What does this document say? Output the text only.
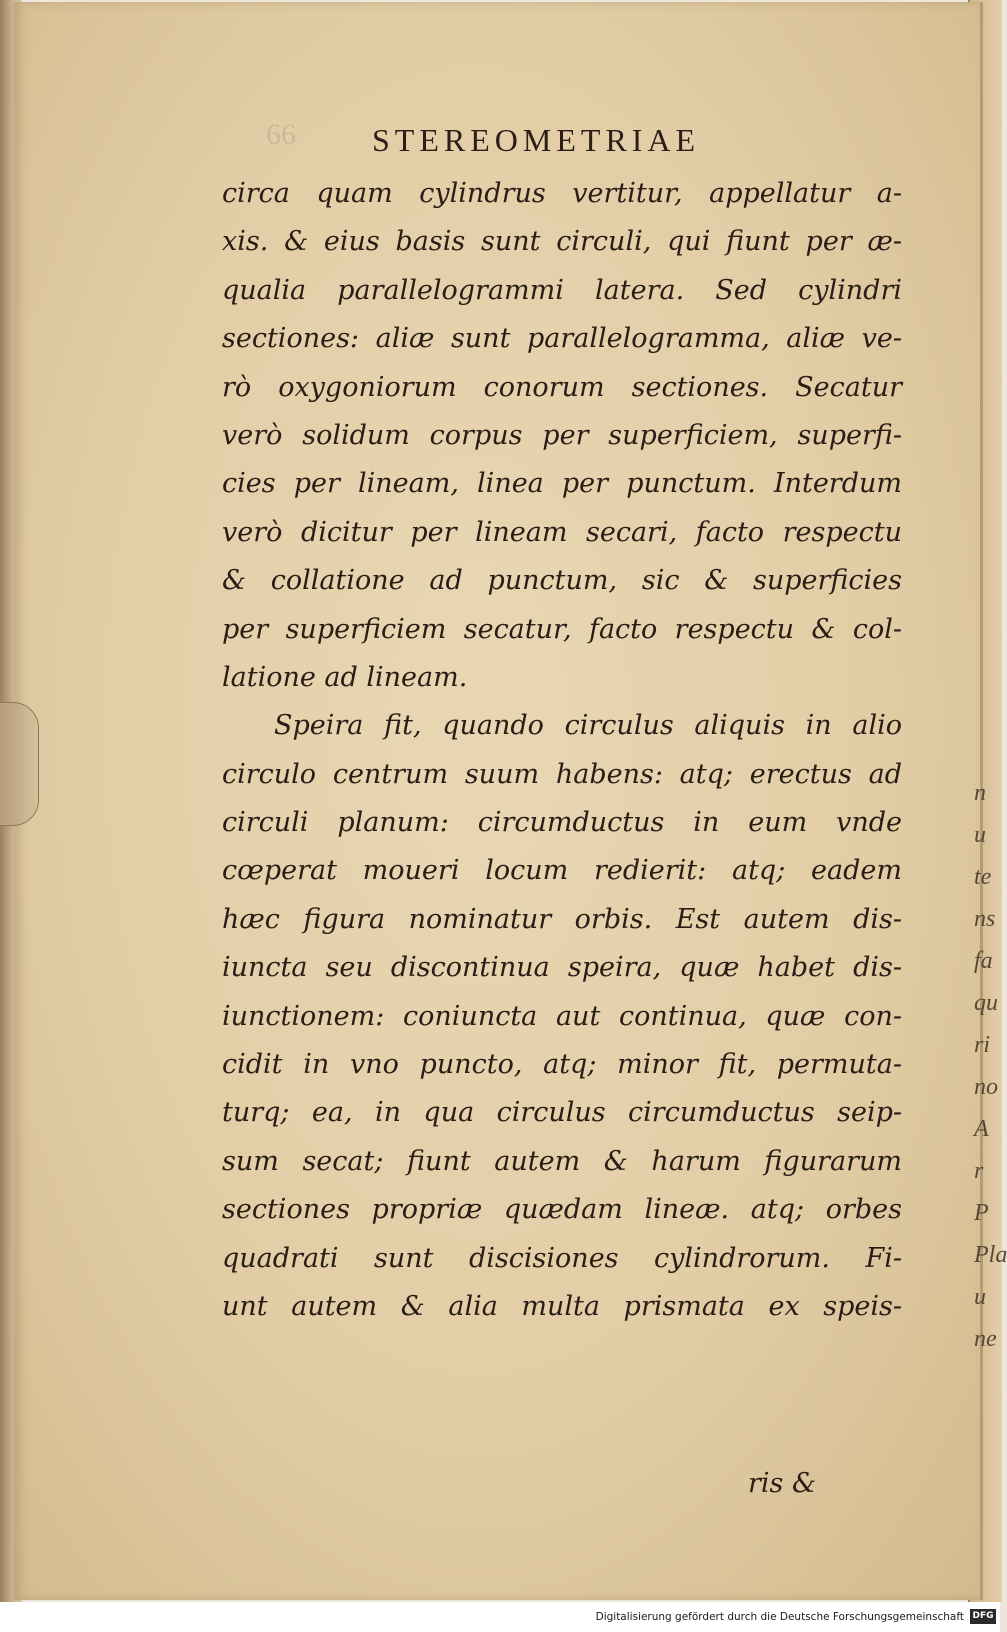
n
u
te
ns
fa
qu
ri
no
A
r
P
Pla
u
ne
66 STEREOMETRIAE
circa quam cylindrus vertitur, appellatur a-
xis. & eius basis sunt circuli, qui fiunt per æ-
qualia parallelogrammi latera. Sed cylindri
sectiones: aliæ sunt parallelogramma, aliæ ve-
rò oxygoniorum conorum sectiones. Secatur
verò solidum corpus per superficiem, superfi-
cies per lineam, linea per punctum. Interdum
verò dicitur per lineam secari, facto respectu
& collatione ad punctum, sic & superficies
per superficiem secatur, facto respectu & col-
latione ad lineam.
Speira fit, quando circulus aliquis in alio
circulo centrum suum habens: atq; erectus ad
circuli planum: circumductus in eum vnde
cœperat moueri locum redierit: atq; eadem
hæc figura nominatur orbis. Est autem dis-
iuncta seu discontinua speira, quæ habet dis-
iunctionem: coniuncta aut continua, quæ con-
cidit in vno puncto, atq; minor fit, permuta-
turq; ea, in qua circulus circumductus seip-
sum secat; fiunt autem & harum figurarum
sectiones propriæ quædam lineæ. atq; orbes
quadrati sunt discisiones cylindrorum. Fi-
unt autem & alia multa prismata ex speis-
ris &
Digitalisierung gefördert durch die Deutsche Forschungsgemeinschaft DFG
